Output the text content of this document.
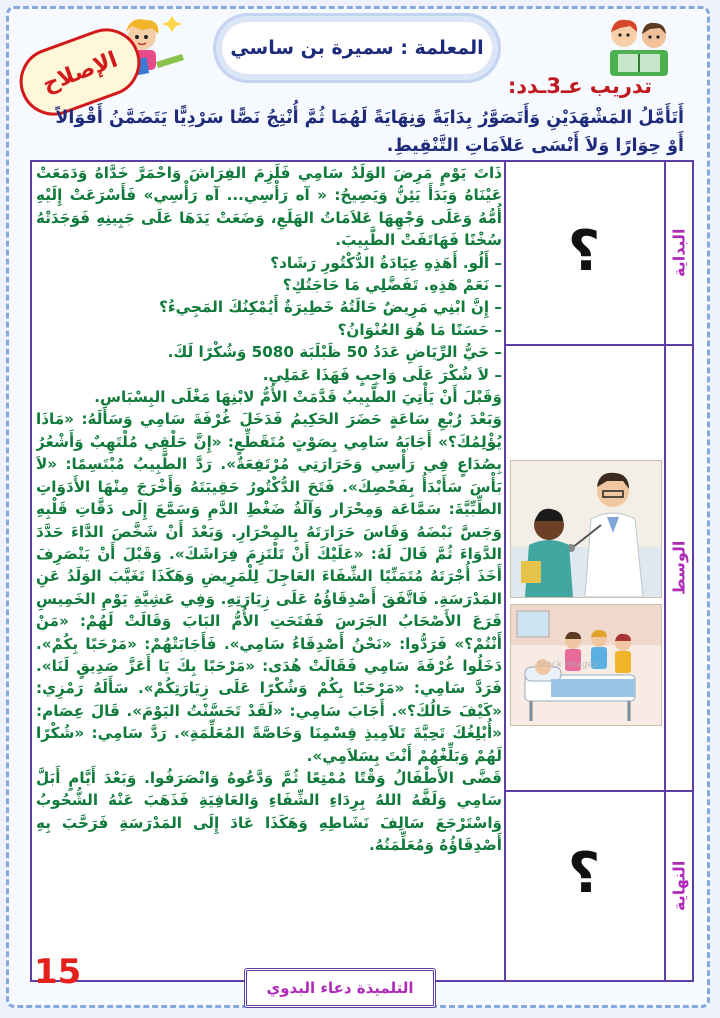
المعلمة : سميرة بن ساسي
الإصلاح	تدريب عـ3ـدد:
أَتَأَمَّلُ المَشْهَدَيْنِ وَأَتَصَوَّرُ بِدَايَةً وَنِهَايَةً لَهُمَا ثُمَّ أُنْتِجُ نَصًّا سَرْدِيًّا يَتَضَمَّنُ أَقْوَالاً أَوْ حِوَارًا وَلاَ أَنْسَى عَلاَمَاتِ التَّنْقِيطِ.
البداية
الوسط
النهاية
؟
؟
Stock Images

ذَاتَ يَوْمٍ مَرِضَ الوَلَدُ سَامِي فَلَزِمَ الفِرَاشَ وَاحْمَرَّ خَدَّاهُ وَدَمَعَتْ عَيْنَاهُ وَبَدَأَ يَئِنُّ وَيَصِيحُ: « آه رَأْسِي... آه رَأْسِي» فَأَسْرَعَتْ إِلَيْهِ أُمُّهُ وَعَلَى وَجْهِهَا عَلاَمَاتُ الهَلَعِ، وَضَعَتْ يَدَهَا عَلَى جَبِينِهِ فَوَجَدَتْهُ سُخْنًا فَهَاتَفَتْ الطَّبِيبَ.

– أَلُو. أَهَذِهِ عِيَادَةُ الدُّكْتُورِ رَشَاد؟

– نَعَمْ هَذِهِ. تَفَضَّلِي مَا حَاجَتُكِ؟

– إِنَّ ابْنِي مَرِيضٌ حَالَتُهُ خَطِيرَةٌ أَيُمْكِنُكَ المَجِيءُ؟

– حَسَنًا مَا هُوَ العُنْوَانُ؟

– حَيُّ الرِّيَاضِ عَدَدُ 50 ظَبْلَبَة 5080 وَشُكْرًا لَكَ.

– لاَ شُكْرَ عَلَى وَاجِبٍ فَهَذَا عَمَلِي.

وَقَبْلَ أَنْ يَأْتِيَ الطَّبِيبُ قَدَّمَتْ الأُمُّ لابْنِهَا مَغْلَى البِسْبَاسِ.

وَبَعْدَ رُبْعِ سَاعَةٍ حَضَرَ الحَكِيمُ فَدَخَلَ غُرْفَةَ سَامِي وَسَأَلَهُ: «مَاذَا يُؤْلِمُكَ؟» أَجَابَهُ سَامِي بِصَوْتٍ مُتَقَطِّعٍ: «إِنَّ حَلْقِي مُلْتَهِبٌ وَأَشْعُرُ بِصُدَاعٍ فِي رَأْسِي وَحَرَارَتِي مُرْتَفِعَةٌ». رَدَّ الطَّبِيبُ مُبْتَسِمًا: «لاَ بَأْسَ سَأَبْدَأُ بِفَحْصِكَ». فَتَحَ الدُّكْتُورُ حَقِيبَتَهُ وَأَخْرَجَ مِنْهَا الأَدَوَاتِ الطِّبِّيَّةَ: سَمَّاعَة وَمِحْرَار وَآلَةُ ضَغْطِ الدَّمِ وَسَمَّعَ إِلَى دَقَّاتِ قَلْبِهِ وَجَسَّ نَبْضَهُ وَقَاسَ حَرَارَتَهُ بِالمِحْرَارِ. وَبَعْدَ أَنْ شَخَّصَ الدَّاءَ حَدَّدَ الدَّوَاءَ ثُمَّ قَالَ لَهُ: «عَلَيْكَ أَنْ تَلْتَزِمَ فِرَاشَكَ». وَقَبْلَ أَنْ يَنْصَرِفَ أَخَذَ أُجْرَتَهُ مُتَمَنِّيًا الشِّفَاءَ العَاجِلَ لِلْمَرِيضِ وَهَكَذَا تَغَيَّبَ الوَلَدُ عَنِ المَدْرَسَةِ. فَاتَّفَقَ أَصْدِقَاؤُهُ عَلَى زِيَارَتِهِ. وَفِي عَشِيَّةِ يَوْمِ الخَمِيسِ قَرَعَ الأَصْحَابُ الجَرَسَ فَفَتَحَتِ الأُمُّ البَابَ وَقَالَتْ لَهُمْ: «مَنْ أَنْتُمْ؟» فَرَدُّوا: «نَحْنُ أَصْدِقَاءُ سَامِي». فَأَجَابَتْهُمْ: «مَرْحَبًا بِكُمْ». دَخَلُوا غُرْفَةَ سَامِي فَقَالَتْ هُدَى: «مَرْحَبًا بِكَ يَا أَعَزَّ صَدِيقٍ لَنَا». فَرَدَّ سَامِي: «مَرْحَبًا بِكُمْ وَشُكْرًا عَلَى زِيَارَتِكُمْ». سَأَلَهُ رَمْزِي: «كَيْفَ حَالُكَ؟». أَجَابَ سَامِي: «لَقَدْ تَحَسَّنْتُ اليَوْمَ». قَالَ عِصَام: «أُبْلِغُكَ تَحِيَّةَ تَلاَمِيذِ قِسْمِنَا وَخَاصَّةً المُعَلِّمَةِ». رَدَّ سَامِي: «شُكْرًا لَهُمْ وَبَلِّغْهُمْ أَنْتَ بِسَلاَمِي».

قَضَّى الأَطْفَالُ وَقْتًا مُمْتِعًا ثُمَّ وَدَّعُوهُ وَانْصَرَفُوا. وَبَعْدَ أَيَّامٍ أَبَلَّ سَامِي وَلَفَّهُ اللهُ بِرِدَاءِ الشِّفَاءِ وَالعَافِيَةِ فَذَهَبَ عَنْهُ الشُّحُوبُ وَاسْتَرْجَعَ سَالِفَ نَشَاطِهِ وَهَكَذَا عَادَ إِلَى المَدْرَسَةِ فَرَحَّبَ بِهِ أَصْدِقَاؤُهُ وَمُعَلِّمَتُهُ.

15	التلميذة دعاء البدوي
